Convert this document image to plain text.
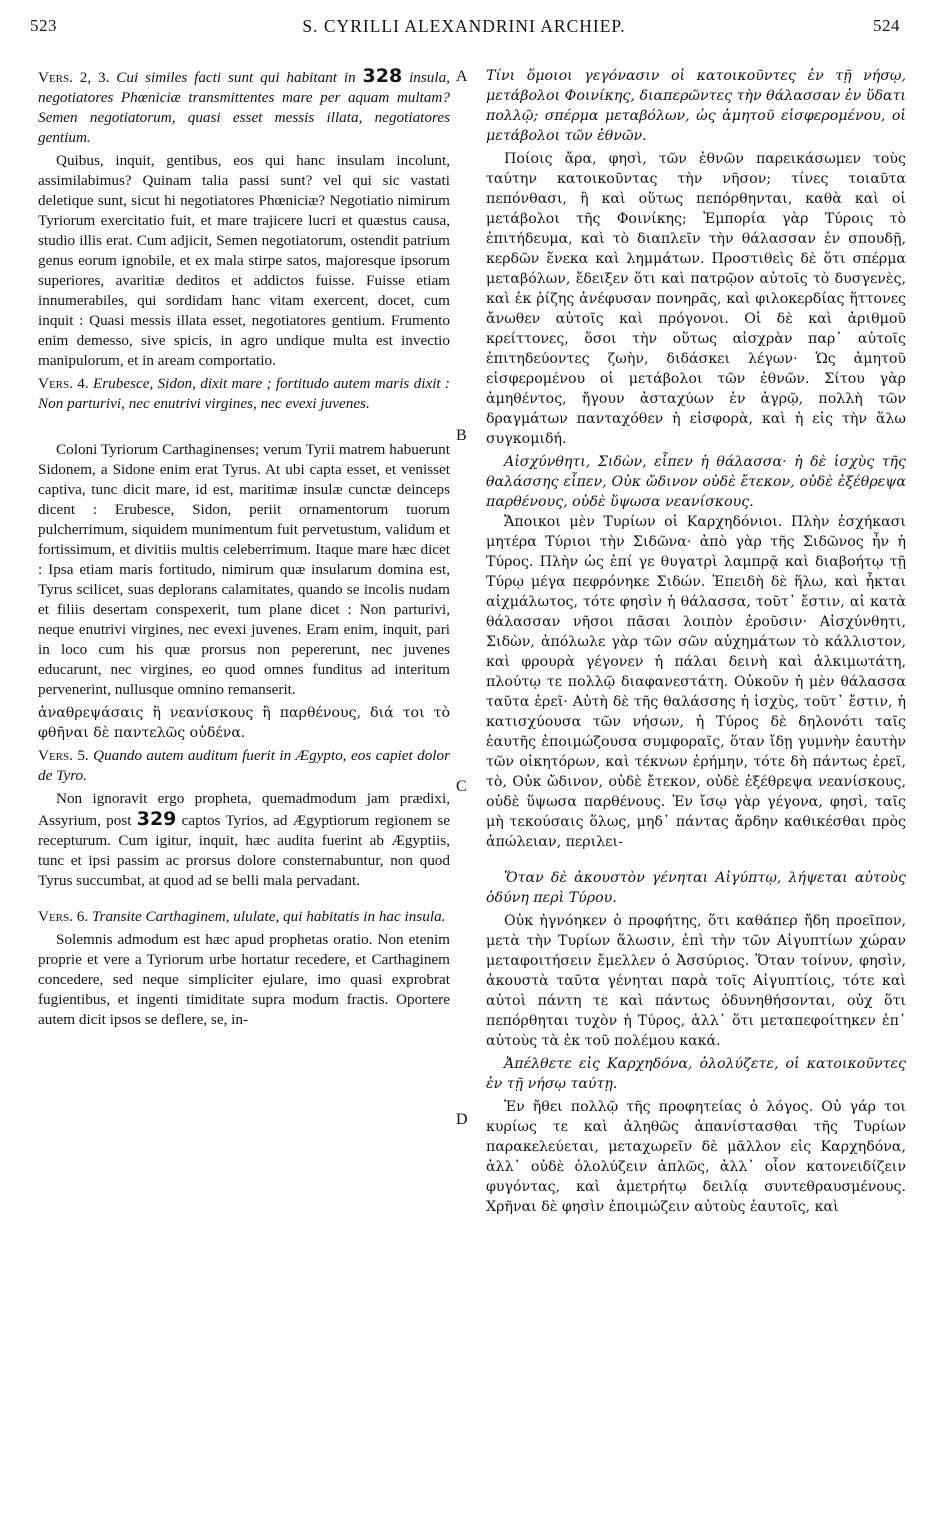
523	S. CYRILLI ALEXANDRINI ARCHIEP.	524
A
B
C
D

Vers. 2, 3. Cui similes facti sunt qui habitant in 328 insula, negotiatores Phœniciæ transmittentes mare per aquam multam? Semen negotiatorum, quasi esset messis illata, negotiatores gentium.

Quibus, inquit, gentibus, eos qui hanc insulam incolunt, assimilabimus? Quinam talia passi sunt? vel qui sic vastati deletique sunt, sicut hi negotiatores Phœniciæ? Negotiatio nimirum Tyriorum exercitatio fuit, et mare trajicere lucri et quæstus causa, studio illis erat. Cum adjicit, Semen negotiatorum, ostendit patrium genus eorum ignobile, et ex mala stirpe satos, majoresque ipsorum superiores, avaritiæ deditos et addictos fuisse. Fuisse etiam innumerabiles, qui sordidam hanc vitam exercent, docet, cum inquit : Quasi messis illata esset, negotiatores gentium. Frumento enim demesso, sive spicis, in agro undique multa est invectio manipulorum, et in aream comportatio.

Vers. 4. Erubesce, Sidon, dixit mare ; fortitudo autem maris dixit : Non parturivi, nec enutrivi virgines, nec evexi juvenes.

Coloni Tyriorum Carthaginenses; verum Tyrii matrem habuerunt Sidonem, a Sidone enim erat Tyrus. At ubi capta esset, et venisset captiva, tunc dicit mare, id est, maritimæ insulæ cunctæ deinceps dicent : Erubesce, Sidon, periit ornamentorum tuorum pulcherrimum, siquidem munimentum fuit pervetustum, validum et fortissimum, et divitiis multis celeberrimum. Itaque mare hæc dicet : Ipsa etiam maris fortitudo, nimirum quæ insularum domina est, Tyrus scilicet, suas deplorans calamitates, quando se incolis nudam et filiis desertam conspexerit, tum plane dicet : Non parturivi, neque enutrivi virgines, nec evexi juvenes. Eram enim, inquit, pari in loco cum his quæ prorsus non pepererunt, nec juvenes educarunt, nec virgines, eo quod omnes funditus ad interitum pervenerint, nullusque omnino remanserit.

ἀναθρεψάσαις ἢ νεανίσκους ἢ παρθένους, διά τοι τὸ φθῆναι δὲ παντελῶς οὐδένα.

Vers. 5. Quando autem auditum fuerit in Ægypto, eos capiet dolor de Tyro.

Non ignoravit ergo propheta, quemadmodum jam prædixi, Assyrium, post 329 captos Tyrios, ad Ægyptiorum regionem se recepturum. Cum igitur, inquit, hæc audita fuerint ab Ægyptiis, tunc et ipsi passim ac prorsus dolore consternabuntur, non quod Tyrus succumbat, at quod ad se belli mala pervadant.

Vers. 6. Transite Carthaginem, ululate, qui habitatis in hac insula.

Solemnis admodum est hæc apud prophetas oratio. Non etenim proprie et vere a Tyriorum urbe hortatur recedere, et Carthaginem concedere, sed neque simpliciter ejulare, imo quasi exprobrat fugientibus, et ingenti timiditate supra modum fractis. Oportere autem dicit ipsos se deflere, se, in-

Τίνι ὅμοιοι γεγόνασιν οἱ κατοικοῦντες ἐν τῇ νήσῳ, μετάβολοι Φοινίκης, διαπερῶντες τὴν θάλασσαν ἐν ὕδατι πολλῷ; σπέρμα μεταβόλων, ὡς ἀμητοῦ εἰσφερομένου, οἱ μετάβολοι τῶν ἐθνῶν.

Ποίοις ἄρα, φησὶ, τῶν ἐθνῶν παρεικάσωμεν τοὺς ταύτην κατοικοῦντας τὴν νῆσον; τίνες τοιαῦτα πεπόνθασι, ἢ καὶ οὕτως πεπόρθηνται, καθὰ καὶ οἱ μετάβολοι τῆς Φοινίκης; Ἐμπορία γὰρ Τύροις τὸ ἐπιτήδευμα, καὶ τὸ διαπλεῖν τὴν θάλασσαν ἐν σπουδῇ, κερδῶν ἕνεκα καὶ λημμάτων. Προστιθεὶς δὲ ὅτι σπέρμα μεταβόλων, ἔδειξεν ὅτι καὶ πατρῷον αὐτοῖς τὸ δυσγενὲς, καὶ ἐκ ῥίζης ἀνέφυσαν πονηρᾶς, καὶ φιλοκερδίας ἥττονες ἄνωθεν αὐτοῖς καὶ πρόγονοι. Οἱ δὲ καὶ ἀριθμοῦ κρείττονες, ὅσοι τὴν οὕτως αἰσχρὰν παρ᾽ αὐτοῖς ἐπιτηδεύοντες ζωὴν, διδάσκει λέγων· Ὡς ἀμητοῦ εἰσφερομένου οἱ μετάβολοι τῶν ἐθνῶν. Σίτου γὰρ ἀμηθέντος, ἤγουν ἀσταχύων ἐν ἀγρῷ, πολλὴ τῶν δραγμάτων πανταχόθεν ἡ εἰσφορὰ, καὶ ἡ εἰς τὴν ἅλω συγκομιδή.

Αἰσχύνθητι, Σιδὼν, εἶπεν ἡ θάλασσα· ἡ δὲ ἰσχὺς τῆς θαλάσσης εἶπεν, Οὐκ ὤδινον οὐδὲ ἔτεκον, οὐδὲ ἐξέθρεψα παρθένους, οὐδὲ ὕψωσα νεανίσκους.

Ἄποικοι μὲν Τυρίων οἱ Καρχηδόνιοι. Πλὴν ἐσχήκασι μητέρα Τύριοι τὴν Σιδῶνα· ἀπὸ γὰρ τῆς Σιδῶνος ἦν ἡ Τύρος. Πλὴν ὡς ἐπί γε θυγατρὶ λαμπρᾷ καὶ διαβοήτῳ τῇ Τύρῳ μέγα πεφρόνηκε Σιδών. Ἐπειδὴ δὲ ἥλω, καὶ ἧκται αἰχμάλωτος, τότε φησὶν ἡ θάλασσα, τοῦτ᾽ ἔστιν, αἱ κατὰ θάλασσαν νῆσοι πᾶσαι λοιπὸν ἐροῦσιν· Αἰσχύνθητι, Σιδὼν, ἀπόλωλε γὰρ τῶν σῶν αὐχημάτων τὸ κάλλιστον, καὶ φρουρὰ γέγονεν ἡ πάλαι δεινὴ καὶ ἀλκιμωτάτη, πλούτῳ τε πολλῷ διαφανεστάτη. Οὐκοῦν ἡ μὲν θάλασσα ταῦτα ἐρεῖ· Αὐτὴ δὲ τῆς θαλάσσης ἡ ἰσχὺς, τοῦτ᾽ ἔστιν, ἡ κατισχύουσα τῶν νήσων, ἡ Τύρος δὲ δηλονότι ταῖς ἑαυτῆς ἐποιμώζουσα συμφοραῖς, ὅταν ἴδῃ γυμνὴν ἑαυτὴν τῶν οἰκητόρων, καὶ τέκνων ἐρήμην, τότε δὴ πάντως ἐρεῖ, τὸ, Οὐκ ὤδινον, οὐδὲ ἔτεκον, οὐδὲ ἐξέθρεψα νεανίσκους, οὐδὲ ὕψωσα παρθένους. Ἐν ἴσῳ γὰρ γέγονα, φησὶ, ταῖς μὴ τεκούσαις ὅλως, μηδ᾽ πάντας ἄρδην καθικέσθαι πρὸς ἀπώλειαν, περιλει-

Ὅταν δὲ ἀκουστὸν γένηται Αἰγύπτῳ, λήψεται αὐτοὺς ὀδύνη περὶ Τύρου.

Οὐκ ἠγνόηκεν ὁ προφήτης, ὅτι καθάπερ ἤδη προεῖπον, μετὰ τὴν Τυρίων ἅλωσιν, ἐπὶ τὴν τῶν Αἰγυπτίων χώραν μεταφοιτήσειν ἔμελλεν ὁ Ἀσσύριος. Ὅταν τοίνυν, φησὶν, ἀκουστὰ ταῦτα γένηται παρὰ τοῖς Αἰγυπτίοις, τότε καὶ αὐτοὶ πάντη τε καὶ πάντως ὀδυνηθήσονται, οὐχ ὅτι πεπόρθηται τυχὸν ἡ Τύρος, ἀλλ᾽ ὅτι μεταπεφοίτηκεν ἐπ᾽ αὐτοὺς τὰ ἐκ τοῦ πολέμου κακά.

Ἀπέλθετε εἰς Καρχηδόνα, ὀλολύζετε, οἱ κατοικοῦντες ἐν τῇ νήσῳ ταύτῃ.

Ἐν ἤθει πολλῷ τῆς προφητείας ὁ λόγος. Οὐ γάρ τοι κυρίως τε καὶ ἀληθῶς ἀπανίστασθαι τῆς Τυρίων παρακελεύεται, μεταχωρεῖν δὲ μᾶλλον εἰς Καρχηδόνα, ἀλλ᾽ οὐδὲ ὀλολύζειν ἁπλῶς, ἀλλ᾽ οἷον κατονειδίζειν φυγόντας, καὶ ἀμετρήτῳ δειλίᾳ συντεθραυσμένους. Χρῆναι δὲ φησὶν ἐποιμώζειν αὐτοὺς ἑαυτοῖς, καὶ
